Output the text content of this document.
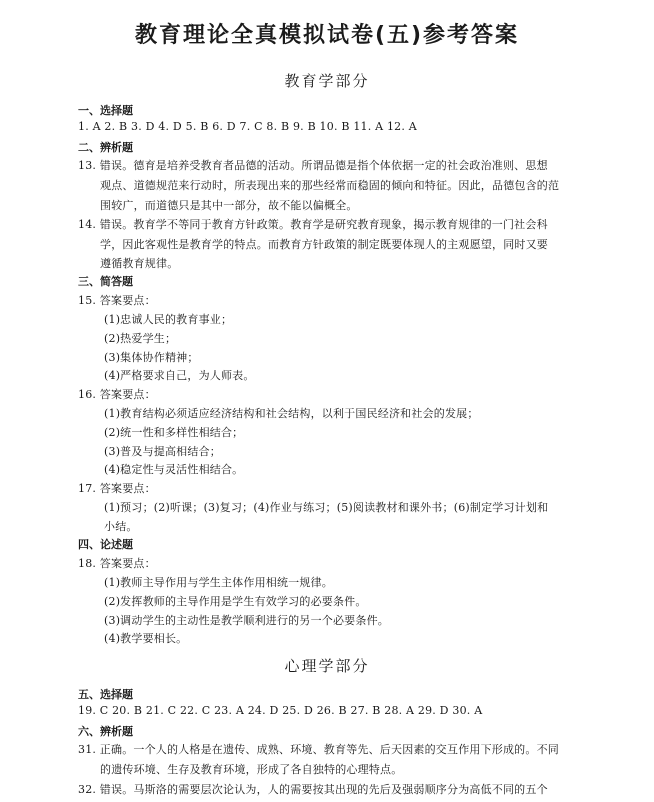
教育理论全真模拟试卷(五)参考答案
教育学部分
一、选择题
1. A 2. B 3. D 4. D 5. B 6. D 7. C 8. B 9. B 10. B 11. A 12. A
二、辨析题
13. 错误。德育是培养受教育者品德的活动。所谓品德是指个体依据一定的社会政治准则、思想
观点、道德规范来行动时，所表现出来的那些经常而稳固的倾向和特征。因此，品德包含的范
围较广，而道德只是其中一部分，故不能以偏概全。
14. 错误。教育学不等同于教育方针政策。教育学是研究教育现象，揭示教育规律的一门社会科
学，因此客观性是教育学的特点。而教育方针政策的制定既要体现人的主观愿望，同时又要
遵循教育规律。
三、简答题
15. 答案要点：
(1)忠诚人民的教育事业；
(2)热爱学生；
(3)集体协作精神；
(4)严格要求自己，为人师表。
16. 答案要点：
(1)教育结构必须适应经济结构和社会结构，以利于国民经济和社会的发展；
(2)统一性和多样性相结合；
(3)普及与提高相结合；
(4)稳定性与灵活性相结合。
17. 答案要点：
(1)预习；(2)听课；(3)复习；(4)作业与练习；(5)阅读教材和课外书；(6)制定学习计划和
小结。
四、论述题
18. 答案要点：
(1)教师主导作用与学生主体作用相统一规律。
(2)发挥教师的主导作用是学生有效学习的必要条件。
(3)调动学生的主动性是教学顺利进行的另一个必要条件。
(4)教学要相长。
心理学部分
五、选择题
19. C 20. B 21. C 22. C 23. A 24. D 25. D 26. B 27. B 28. A 29. D 30. A
六、辨析题
31. 正确。一个人的人格是在遗传、成熟、环境、教育等先、后天因素的交互作用下形成的。不同
的遗传环境、生存及教育环境，形成了各自独特的心理特点。
32. 错误。马斯洛的需要层次论认为，人的需要按其出现的先后及强弱顺序分为高低不同的五个
